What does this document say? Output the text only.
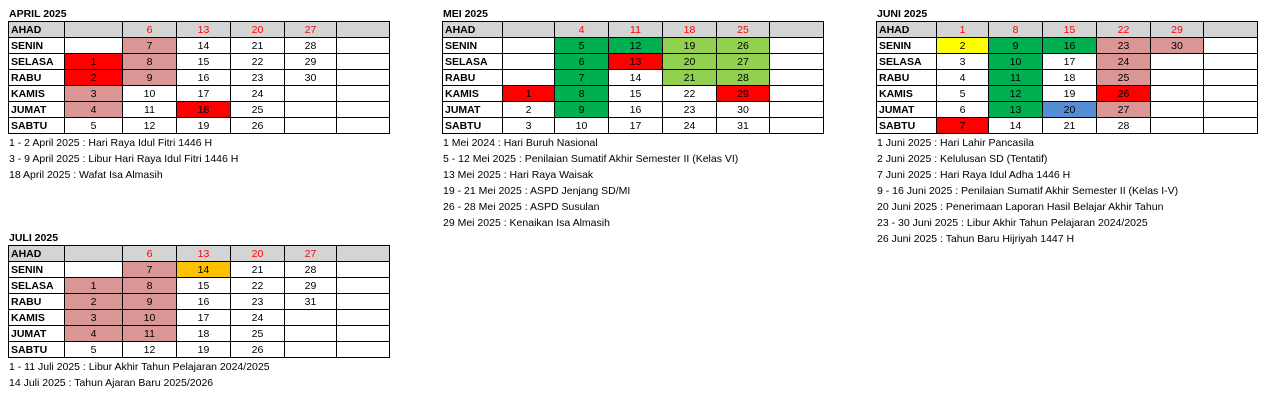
APRIL 2025
AHAD		6	13	20	27	
SENIN		7	14	21	28	
SELASA	1	8	15	22	29	
RABU	2	9	16	23	30	
KAMIS	3	10	17	24		
JUMAT	4	11	18	25		
SABTU	5	12	19	26		
1 - 2 April 2025 : Hari Raya Idul Fitri 1446 H
3 - 9 April 2025 : Libur Hari Raya Idul Fitri 1446 H
18 April 2025 : Wafat Isa Almasih
MEI 2025
AHAD		4	11	18	25	
SENIN		5	12	19	26	
SELASA		6	13	20	27	
RABU		7	14	21	28	
KAMIS	1	8	15	22	29	
JUMAT	2	9	16	23	30	
SABTU	3	10	17	24	31	
1 Mei 2024 : Hari Buruh Nasional
5 - 12 Mei 2025 : Penilaian Sumatif Akhir Semester II (Kelas VI)
13 Mei 2025 : Hari Raya Waisak
19 - 21 Mei 2025 : ASPD Jenjang SD/MI
26 - 28 Mei 2025 : ASPD Susulan
29 Mei 2025 : Kenaikan Isa Almasih
JUNI 2025
AHAD	1	8	15	22	29	
SENIN	2	9	16	23	30	
SELASA	3	10	17	24		
RABU	4	11	18	25		
KAMIS	5	12	19	26		
JUMAT	6	13	20	27		
SABTU	7	14	21	28		
1 Juni 2025 : Hari Lahir Pancasila
2 Juni 2025 : Kelulusan SD (Tentatif)
7 Juni 2025 : Hari Raya Idul Adha 1446 H
9 - 16 Juni 2025 : Penilaian Sumatif Akhir Semester II (Kelas I-V)
20 Juni 2025 : Penerimaan Laporan Hasil Belajar Akhir Tahun
23 - 30 Juni 2025 : Libur Akhir Tahun Pelajaran 2024/2025
26 Juni 2025 : Tahun Baru Hijriyah 1447 H
JULI 2025
AHAD		6	13	20	27	
SENIN		7	14	21	28	
SELASA	1	8	15	22	29	
RABU	2	9	16	23	31	
KAMIS	3	10	17	24		
JUMAT	4	11	18	25		
SABTU	5	12	19	26		
1 - 11 Juli 2025 : Libur Akhir Tahun Pelajaran 2024/2025
14 Juli 2025 : Tahun Ajaran Baru 2025/2026
